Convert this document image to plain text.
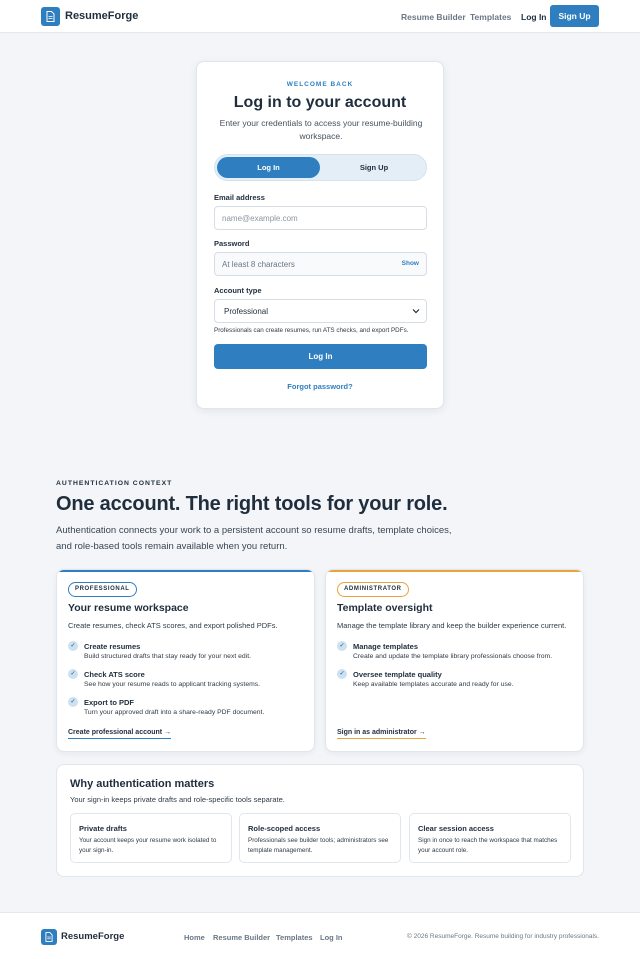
ResumeForge	Resume Builder Templates Log In	Sign Up
WELCOME BACK
Log in to your account
Enter your credentials to access your resume-building workspace.
Log In	Sign Up
Email address
name@example.com
Password
Show
Account type
Professional
Professionals can create resumes, run ATS checks, and export PDFs.
Log In
Forgot password?
AUTHENTICATION CONTEXT
One account. The right tools for your role.
Authentication connects your work to a persistent account so resume drafts, template choices, and role-based tools remain available when you return.
PROFESSIONAL
Your resume workspace
Create resumes, check ATS scores, and export polished PDFs.
✓	Create resumes
Build structured drafts that stay ready for your next edit.
✓	Check ATS score
See how your resume reads to applicant tracking systems.
✓	Export to PDF
Turn your approved draft into a share-ready PDF document.
Create professional account →
ADMINISTRATOR
Template oversight
Manage the template library and keep the builder experience current.
✓	Manage templates
Create and update the template library professionals choose from.
✓	Oversee template quality
Keep available templates accurate and ready for use.
Sign in as administrator →
Why authentication matters
Your sign-in keeps private drafts and role-specific tools separate.
Private drafts
Your account keeps your resume work isolated to your sign-in.
Role-scoped access
Professionals see builder tools; administrators see template management.
Clear session access
Sign in once to reach the workspace that matches your account role.
ResumeForge	Home Resume Builder Templates Log In	© 2026 ResumeForge. Resume building for industry professionals.
